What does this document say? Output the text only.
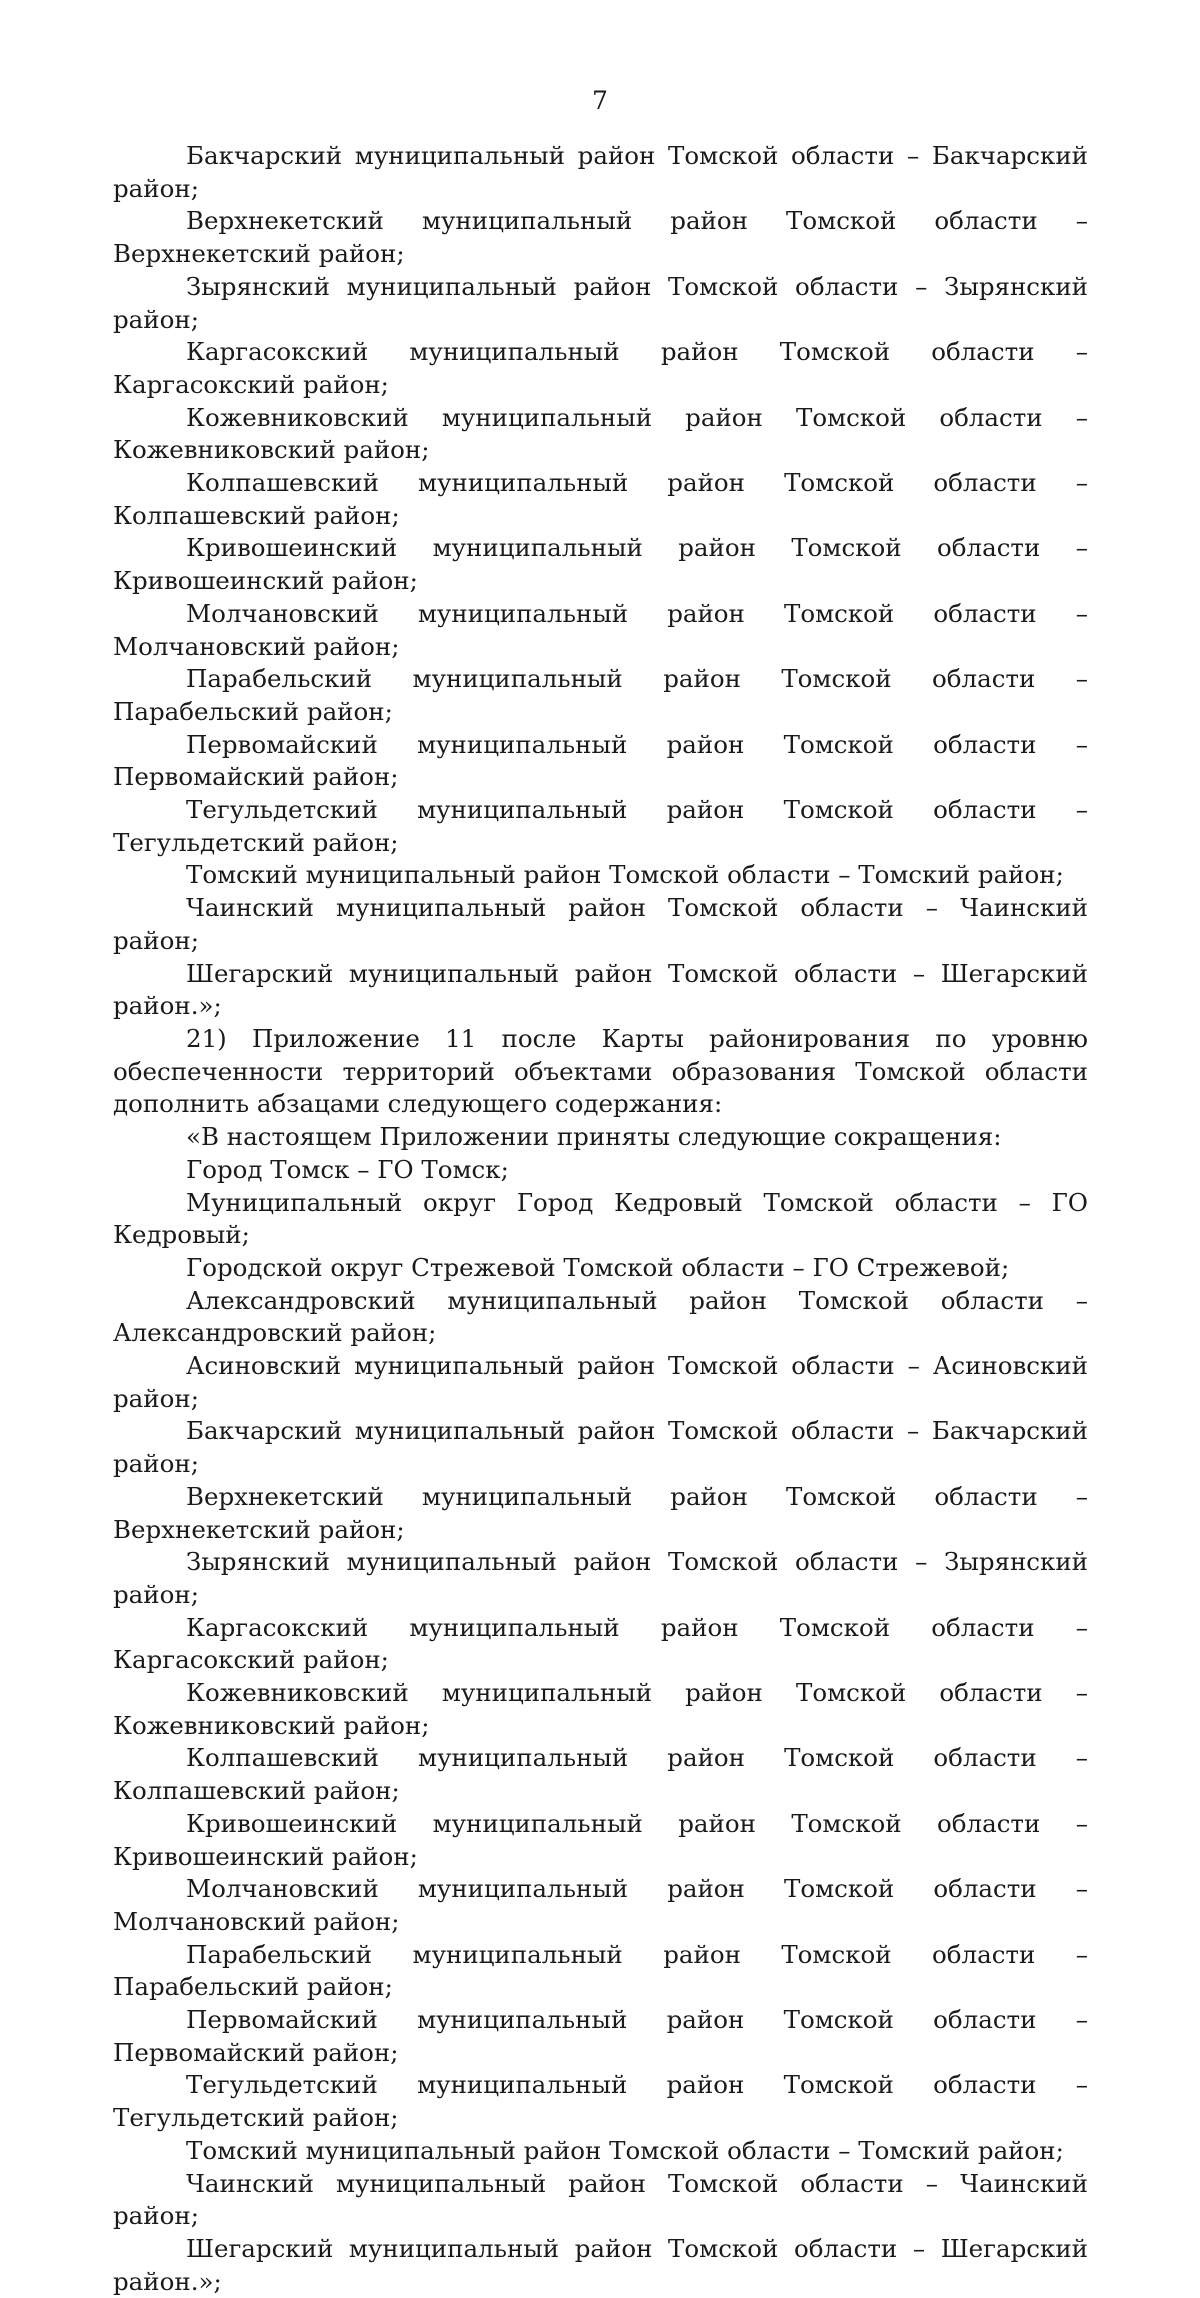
7

Бакчарский муниципальный район Томской области – Бакчарский район;

Верхнекетский муниципальный район Томской области – Верхнекетский район;

Зырянский муниципальный район Томской области – Зырянский район;

Каргасокский муниципальный район Томской области – Каргасокский район;

Кожевниковский муниципальный район Томской области – Кожевниковский район;

Колпашевский муниципальный район Томской области – Колпашевский район;

Кривошеинский муниципальный район Томской области – Кривошеинский район;

Молчановский муниципальный район Томской области – Молчановский район;

Парабельский муниципальный район Томской области – Парабельский район;

Первомайский муниципальный район Томской области – Первомайский район;

Тегульдетский муниципальный район Томской области – Тегульдетский район;

Томский муниципальный район Томской области – Томский район;

Чаинский муниципальный район Томской области – Чаинский район;

Шегарский муниципальный район Томской области – Шегарский район.»;

21) Приложение 11 после Карты районирования по уровню обеспеченности территорий объектами образования Томской области дополнить абзацами следующего содержания:

«В настоящем Приложении приняты следующие сокращения:

Город Томск – ГО Томск;

Муниципальный округ Город Кедровый Томской области – ГО Кедровый;

Городской округ Стрежевой Томской области – ГО Стрежевой;

Александровский муниципальный район Томской области – Александровский район;

Асиновский муниципальный район Томской области – Асиновский район;

Бакчарский муниципальный район Томской области – Бакчарский район;

Верхнекетский муниципальный район Томской области – Верхнекетский район;

Зырянский муниципальный район Томской области – Зырянский район;

Каргасокский муниципальный район Томской области – Каргасокский район;

Кожевниковский муниципальный район Томской области – Кожевниковский район;

Колпашевский муниципальный район Томской области – Колпашевский район;

Кривошеинский муниципальный район Томской области – Кривошеинский район;

Молчановский муниципальный район Томской области – Молчановский район;

Парабельский муниципальный район Томской области – Парабельский район;

Первомайский муниципальный район Томской области – Первомайский район;

Тегульдетский муниципальный район Томской области – Тегульдетский район;

Томский муниципальный район Томской области – Томский район;

Чаинский муниципальный район Томской области – Чаинский район;

Шегарский муниципальный район Томской области – Шегарский район.»;
